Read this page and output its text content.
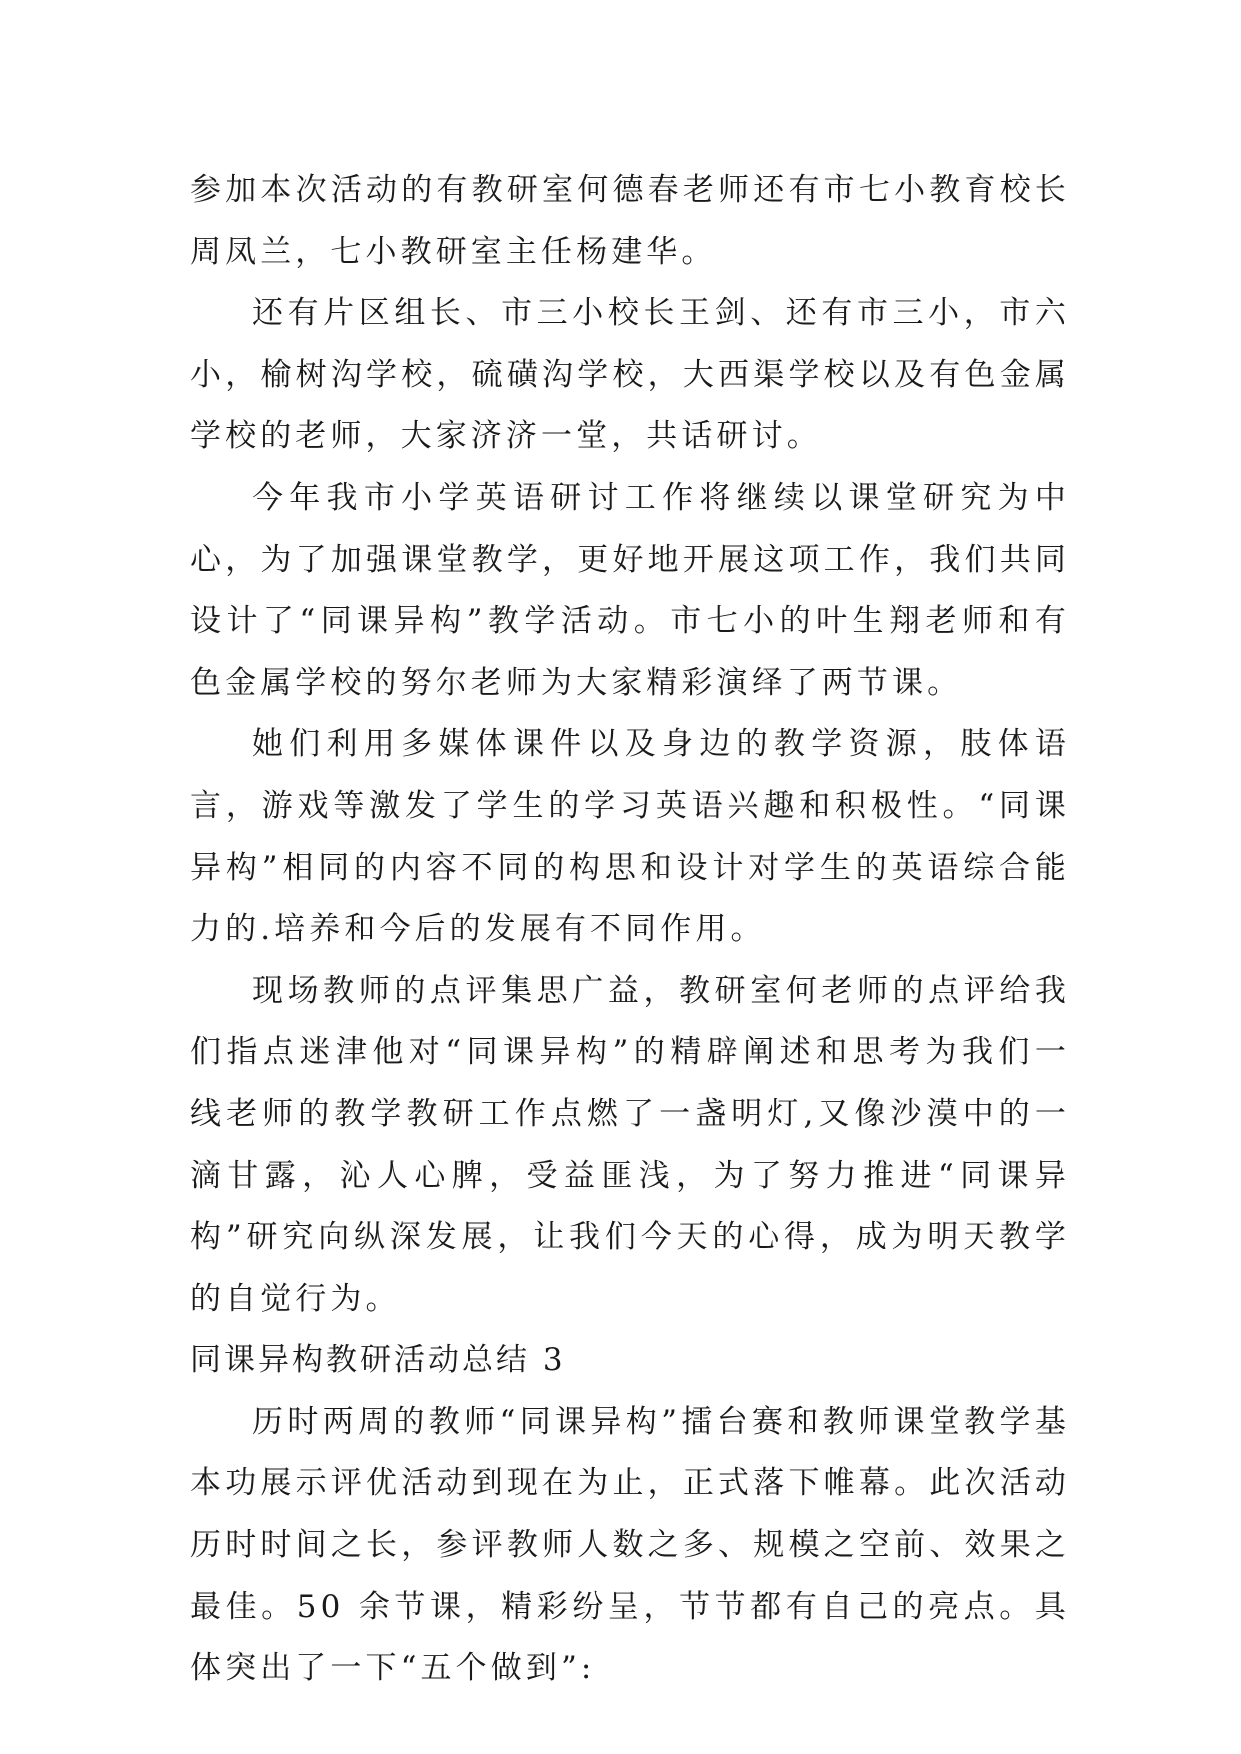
参加本次活动的有教研室何德春老师还有市七小教育校长周凤兰，七小教研室主任杨建华。

还有片区组长、市三小校长王剑、还有市三小，市六小，榆树沟学校，硫磺沟学校，大西渠学校以及有色金属学校的老师，大家济济一堂，共话研讨。

今年我市小学英语研讨工作将继续以课堂研究为中心，为了加强课堂教学，更好地开展这项工作，我们共同设计了“同课异构”教学活动。市七小的叶生翔老师和有色金属学校的努尔老师为大家精彩演绎了两节课。

她们利用多媒体课件以及身边的教学资源，肢体语言，游戏等激发了学生的学习英语兴趣和积极性。“同课异构”相同的内容不同的构思和设计对学生的英语综合能力的.培养和今后的发展有不同作用。

现场教师的点评集思广益，教研室何老师的点评给我们指点迷津他对“同课异构”的精辟阐述和思考为我们一线老师的教学教研工作点燃了一盏明灯,又像沙漠中的一滴甘露，沁人心脾，受益匪浅，为了努力推进“同课异构”研究向纵深发展，让我们今天的心得，成为明天教学的自觉行为。

同课异构教研活动总结 3

历时两周的教师“同课异构”擂台赛和教师课堂教学基本功展示评优活动到现在为止，正式落下帷幕。此次活动历时时间之长，参评教师人数之多、规模之空前、效果之最佳。50 余节课，精彩纷呈，节节都有自己的亮点。具体突出了一下“五个做到”:
